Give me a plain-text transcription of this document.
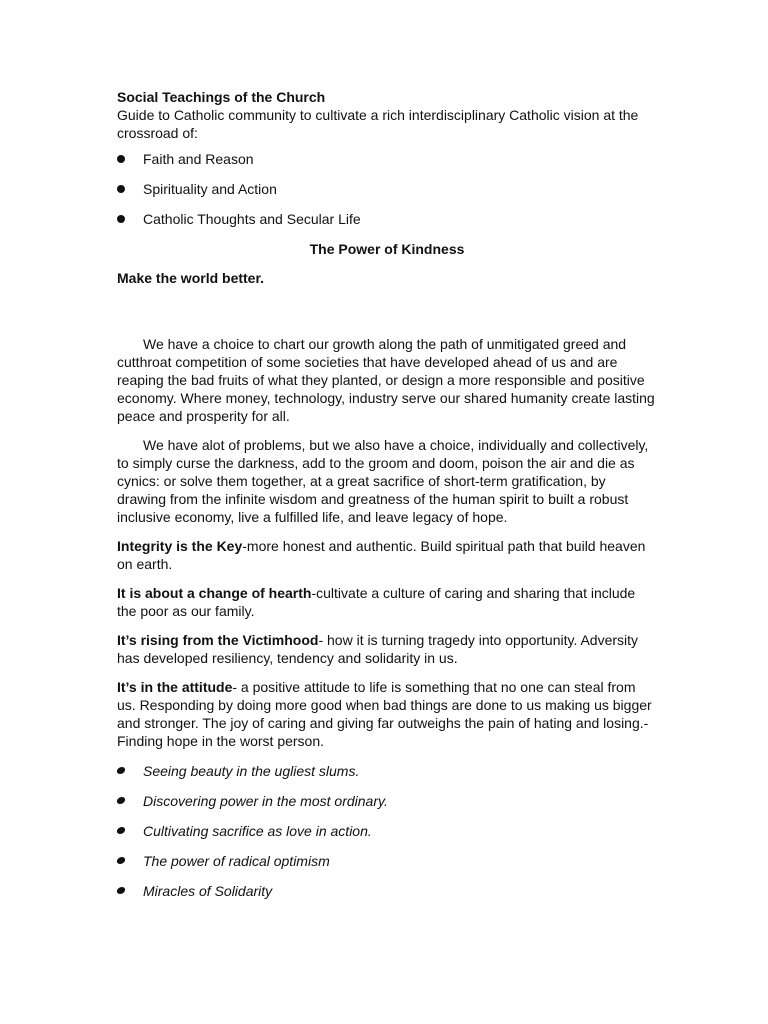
Social Teachings of the Church

Guide to Catholic community to cultivate a rich interdisciplinary Catholic vision at the crossroad of:

Faith and Reason
Spirituality and Action
Catholic Thoughts and Secular Life

The Power of Kindness

Make the world better.

We have a choice to chart our growth along the path of unmitigated greed and cutthroat competition of some societies that have developed ahead of us and are reaping the bad fruits of what they planted, or design a more responsible and positive economy. Where money, technology, industry serve our shared humanity create lasting peace and prosperity for all.

We have alot of problems, but we also have a choice, individually and collectively, to simply curse the darkness, add to the groom and doom, poison the air and die as cynics: or solve them together, at a great sacrifice of short-term gratification, by drawing from the infinite wisdom and greatness of the human spirit to built a robust inclusive economy, live a fulfilled life, and leave legacy of hope.

Integrity is the Key-more honest and authentic. Build spiritual path that build heaven on earth.

It is about a change of hearth-cultivate a culture of caring and sharing that include the poor as our family.

It’s rising from the Victimhood- how it is turning tragedy into opportunity. Adversity has developed resiliency, tendency and solidarity in us.

It’s in the attitude- a positive attitude to life is something that no one can steal from us. Responding by doing more good when bad things are done to us making us bigger and stronger. The joy of caring and giving far outweighs the pain of hating and losing.-Finding hope in the worst person.

Seeing beauty in the ugliest slums.
Discovering power in the most ordinary.
Cultivating sacrifice as love in action.
The power of radical optimism
Miracles of Solidarity
